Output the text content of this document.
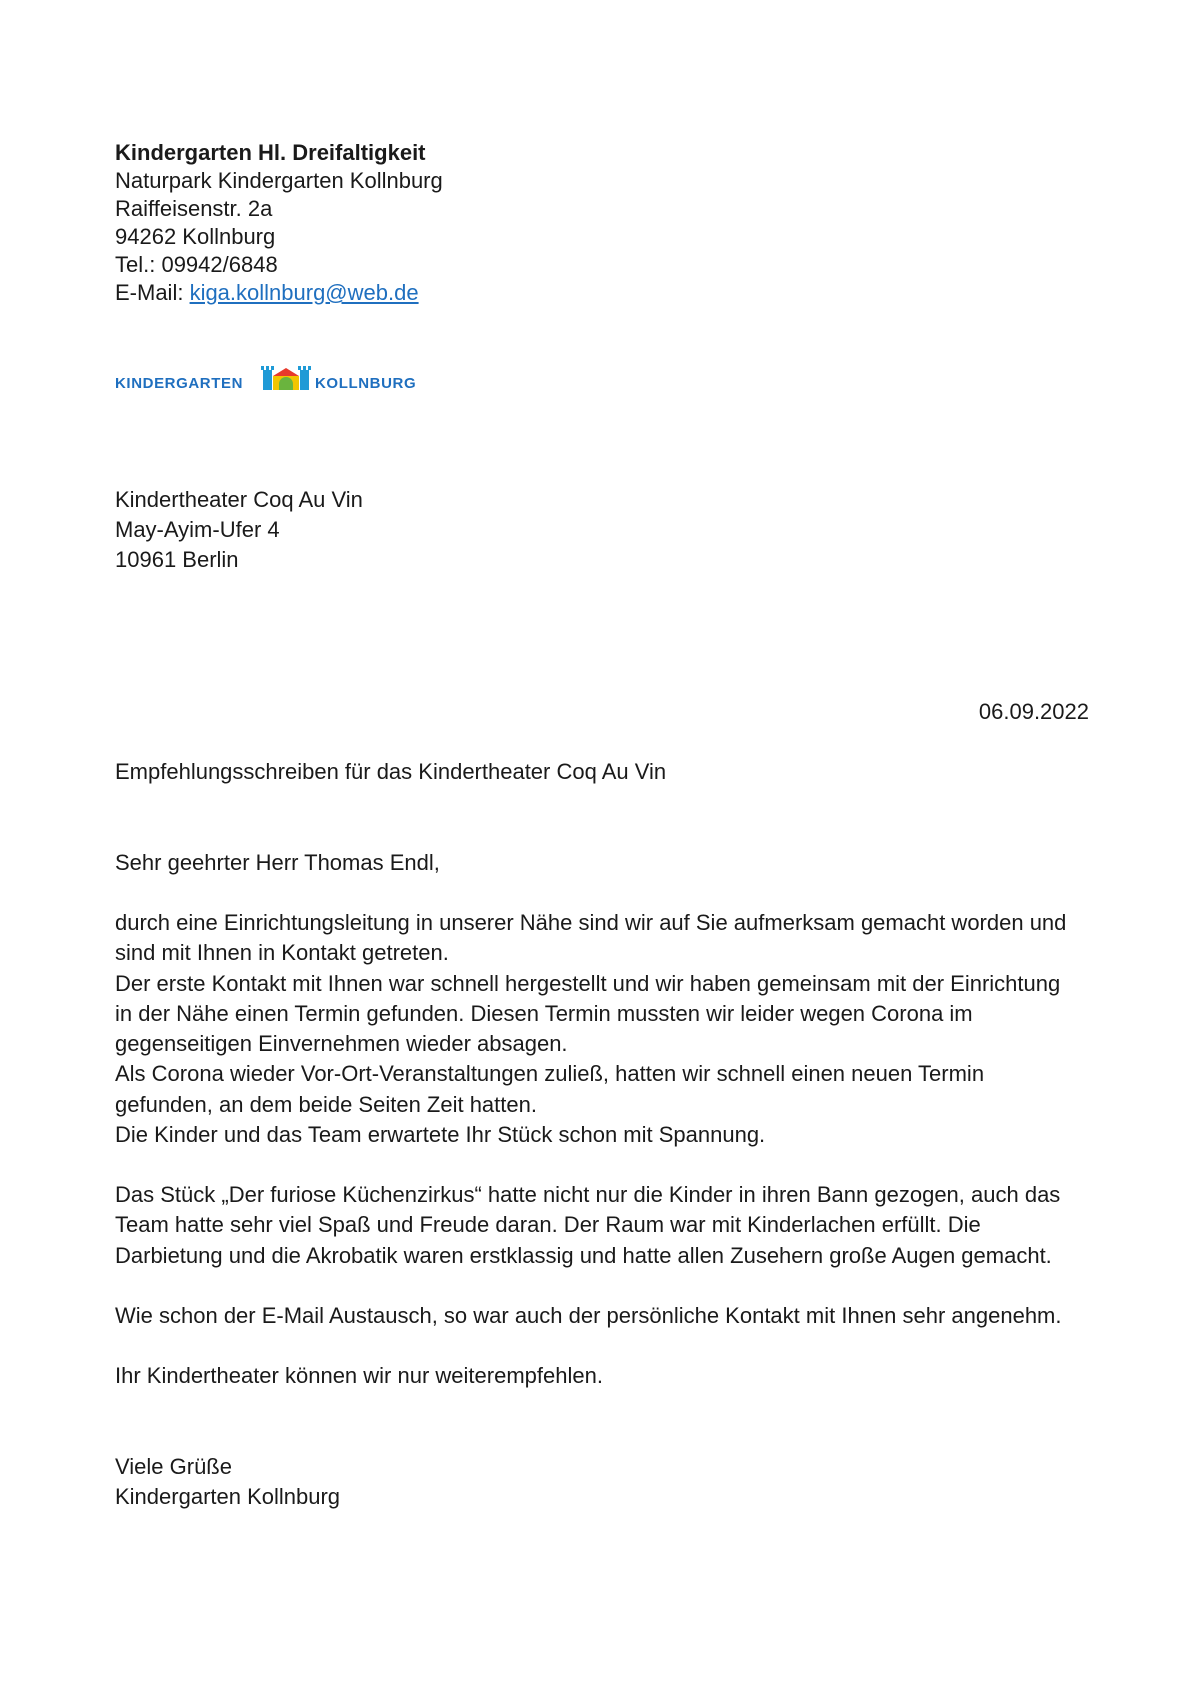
Kindergarten Hl. Dreifaltigkeit

Naturpark Kindergarten Kollnburg

Raiffeisenstr. 2a

94262 Kollnburg

Tel.: 09942/6848

E-Mail: kiga.kollnburg@web.de

KINDERGARTEN	KOLLNBURG

Kindertheater Coq Au Vin

May-Ayim-Ufer 4

10961 Berlin

06.09.2022

Empfehlungsschreiben für das Kindertheater Coq Au Vin

Sehr geehrter Herr Thomas Endl,

durch eine Einrichtungsleitung in unserer Nähe sind wir auf Sie aufmerksam gemacht worden und
sind mit Ihnen in Kontakt getreten.
Der erste Kontakt mit Ihnen war schnell hergestellt und wir haben gemeinsam mit der Einrichtung
in der Nähe einen Termin gefunden. Diesen Termin mussten wir leider wegen Corona im
gegenseitigen Einvernehmen wieder absagen.
Als Corona wieder Vor-Ort-Veranstaltungen zuließ, hatten wir schnell einen neuen Termin
gefunden, an dem beide Seiten Zeit hatten.
Die Kinder und das Team erwartete Ihr Stück schon mit Spannung.
Das Stück „Der furiose Küchenzirkus“ hatte nicht nur die Kinder in ihren Bann gezogen, auch das
Team hatte sehr viel Spaß und Freude daran. Der Raum war mit Kinderlachen erfüllt. Die
Darbietung und die Akrobatik waren erstklassig und hatte allen Zusehern große Augen gemacht.
Wie schon der E-Mail Austausch, so war auch der persönliche Kontakt mit Ihnen sehr angenehm.
Ihr Kindertheater können wir nur weiterempfehlen.

Viele Grüße

Kindergarten Kollnburg
